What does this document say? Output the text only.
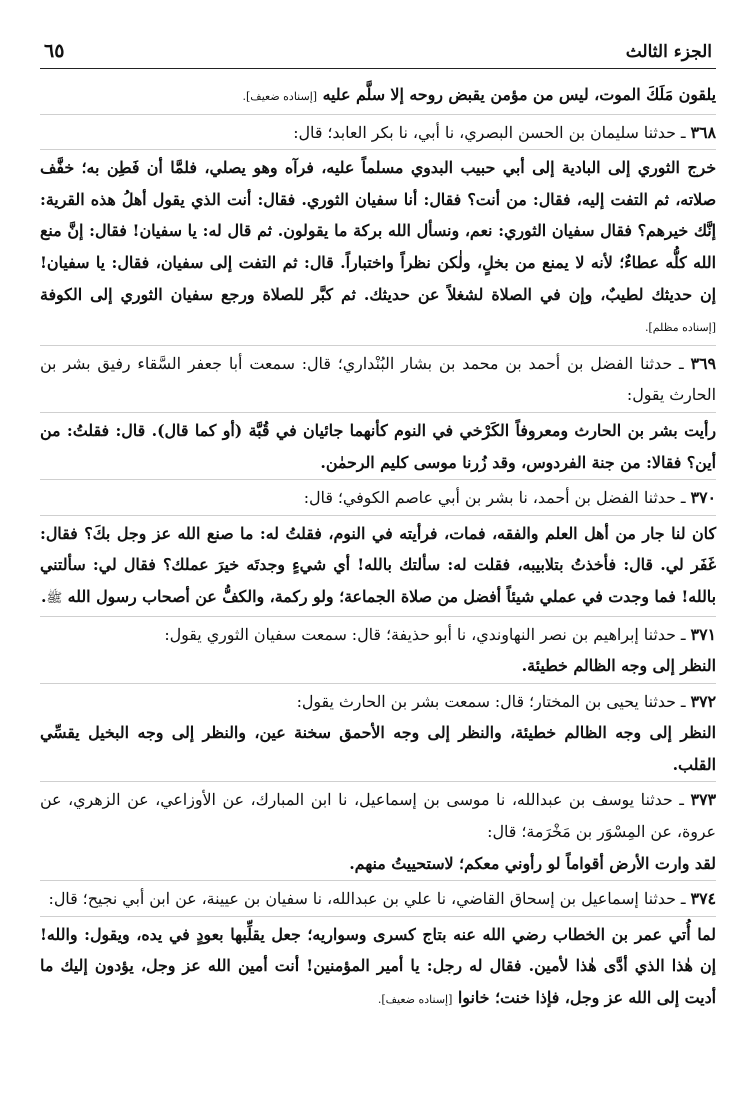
الجزء الثالث
٦٥

يلقون مَلَكَ الموت، ليس من مؤمن يقبض روحه إلا سلَّم عليه [إسناده ضعيف].

٣٦٨ ـ حدثنا سليمان بن الحسن البصري، نا أبي، نا بكر العابد؛ قال:

خرج الثوري إلى البادية إلى أبي حبيب البدوي مسلماً عليه، فرآه وهو يصلي، فلمَّا أن فَطِن به؛ خفَّف صلاته، ثم التفت إليه، فقال: من أنت؟ فقال: أنا سفيان الثوري. فقال: أنت الذي يقول أهلُ هذه القرية: إنَّك خيرهم؟ فقال سفيان الثوري: نعم، ونسأل الله بركة ما يقولون. ثم قال له: يا سفيان! فقال: إنَّ منع الله كلُّه عطاءٌ؛ لأنه لا يمنع من بخلٍ، ولٰكن نظراً واختباراً. قال: ثم التفت إلى سفيان، فقال: يا سفيان! إن حديثك لطيبٌ، وإن في الصلاة لشغلاً عن حديثك. ثم كبَّر للصلاة ورجع سفيان الثوري إلى الكوفة [إسناده مظلم].

٣٦٩ ـ حدثنا الفضل بن أحمد بن محمد بن بشار البُنْداري؛ قال: سمعت أبا جعفر السَّقاء رفيق بشر بن الحارث يقول:

رأيت بشر بن الحارث ومعروفاً الكَرْخي في النوم كأنهما جائيان في قُبَّة (أو كما قال). قال: فقلتُ: من أين؟ فقالا: من جنة الفردوس، وقد زُرنا موسى كليم الرحمٰن.

٣٧٠ ـ حدثنا الفضل بن أحمد، نا بشر بن أبي عاصم الكوفي؛ قال:

كان لنا جار من أهل العلم والفقه، فمات، فرأيته في النوم، فقلتُ له: ما صنع الله عز وجل بكَ؟ فقال: غَفَر لي. قال: فأخذتُ بتلابيبه، فقلت له: سألتك بالله! أي شيءٍ وجدتَه خيرَ عملك؟ فقال لي: سألتني بالله! فما وجدت في عملي شيئاً أفضل من صلاة الجماعة؛ ولو ركمة، والكفُّ عن أصحاب رسول الله ﷺ.

٣٧١ ـ حدثنا إبراهيم بن نصر النهاوندي، نا أبو حذيفة؛ قال: سمعت سفيان الثوري يقول:

النظر إلى وجه الظالم خطيئة.

٣٧٢ ـ حدثنا يحيى بن المختار؛ قال: سمعت بشر بن الحارث يقول:

النظر إلى وجه الظالم خطيئة، والنظر إلى وجه الأحمق سخنة عين، والنظر إلى وجه البخيل يقسِّي القلب.

٣٧٣ ـ حدثنا يوسف بن عبدالله، نا موسى بن إسماعيل، نا ابن المبارك، عن الأوزاعي، عن الزهري، عن عروة، عن المِسْوَر بن مَخْرَمة؛ قال:

لقد وارت الأرض أقواماً لو رأوني معكم؛ لاستحييتُ منهم.

٣٧٤ ـ حدثنا إسماعيل بن إسحاق القاضي، نا علي بن عبدالله، نا سفيان بن عيينة، عن ابن أبي نجيح؛ قال:

لما أُتي عمر بن الخطاب رضي الله عنه بتاج كسرى وسواريه؛ جعل يقلِّبها بعودٍ في يده، ويقول: والله! إن هٰذا الذي أدَّى هٰذا لأمين. فقال له رجل: يا أمير المؤمنين! أنت أمين الله عز وجل، يؤدون إليك ما أديت إلى الله عز وجل، فإذا خنت؛ خانوا [إسناده ضعيف].
